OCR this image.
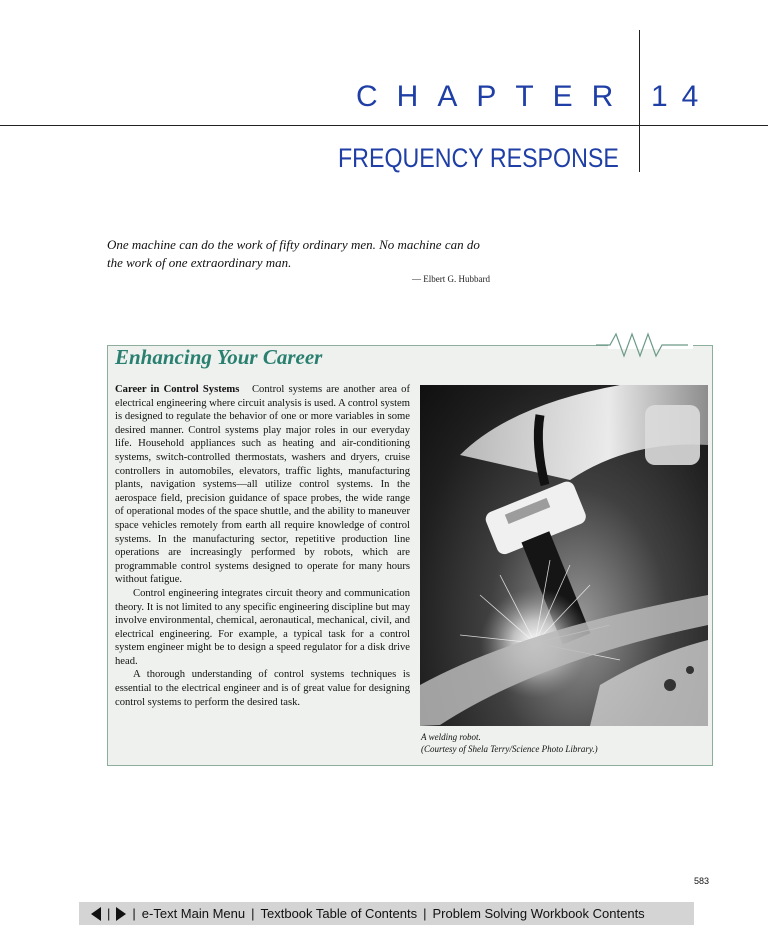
CHAPTER 14
FREQUENCY RESPONSE
One machine can do the work of fifty ordinary men. No machine can do the work of one extraordinary man.
— Elbert G. Hubbard
Enhancing Your Career

Career in Control Systems Control systems are another area of electrical engineering where circuit analysis is used. A control system is designed to regulate the behavior of one or more variables in some desired manner. Control systems play major roles in our everyday life. Household appliances such as heating and air-conditioning systems, switch-controlled thermostats, washers and dryers, cruise controllers in automobiles, elevators, traffic lights, manufacturing plants, navigation systems—all utilize control systems. In the aerospace field, precision guidance of space probes, the wide range of operational modes of the space shuttle, and the ability to maneuver space vehicles remotely from earth all require knowledge of control systems. In the manufacturing sector, repetitive production line operations are increasingly performed by robots, which are programmable control systems designed to operate for many hours without fatigue.

Control engineering integrates circuit theory and communication theory. It is not limited to any specific engineering discipline but may involve environmental, chemical, aeronautical, mechanical, civil, and electrical engineering. For example, a typical task for a control system engineer might be to design a speed regulator for a disk drive head.

A thorough understanding of control systems techniques is essential to the electrical engineer and is of great value for designing control systems to perform the desired task.

A welding robot.
(Courtesy of Shela Terry/Science Photo Library.)
583
| | e-Text Main Menu | Textbook Table of Contents | Problem Solving Workbook Contents
